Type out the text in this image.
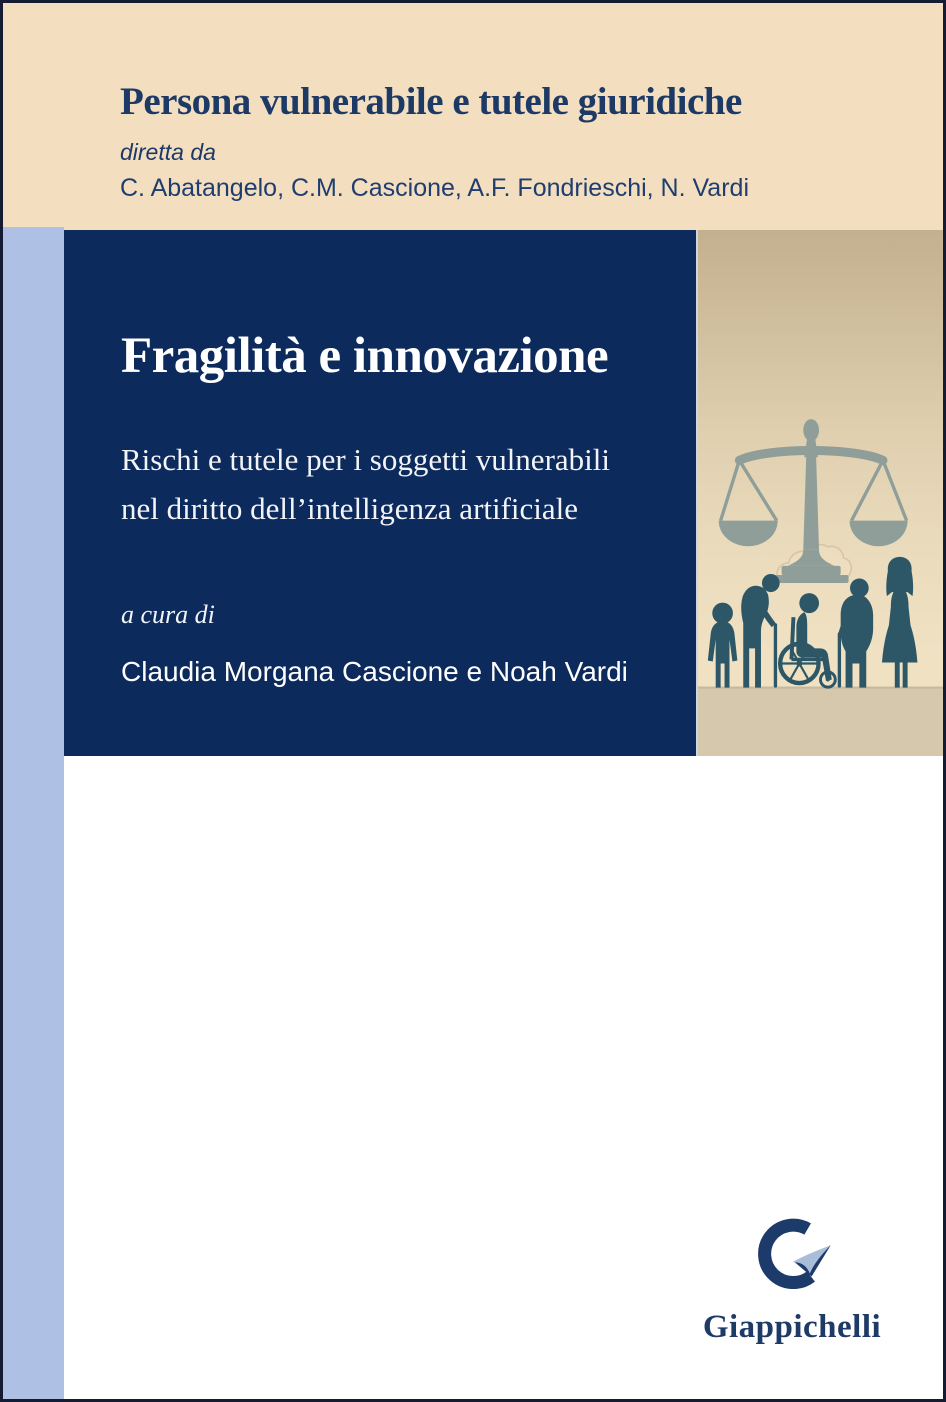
Persona vulnerabile e tutele giuridiche
diretta da
C. Abatangelo, C.M. Cascione, A.F. Fondrieschi, N. Vardi
Fragilità e innovazione

Rischi e tutele per i soggetti vulnerabili
nel diritto dell’intelligenza artificiale

a cura di
Claudia Morgana Cascione e Noah Vardi
Giappichelli
